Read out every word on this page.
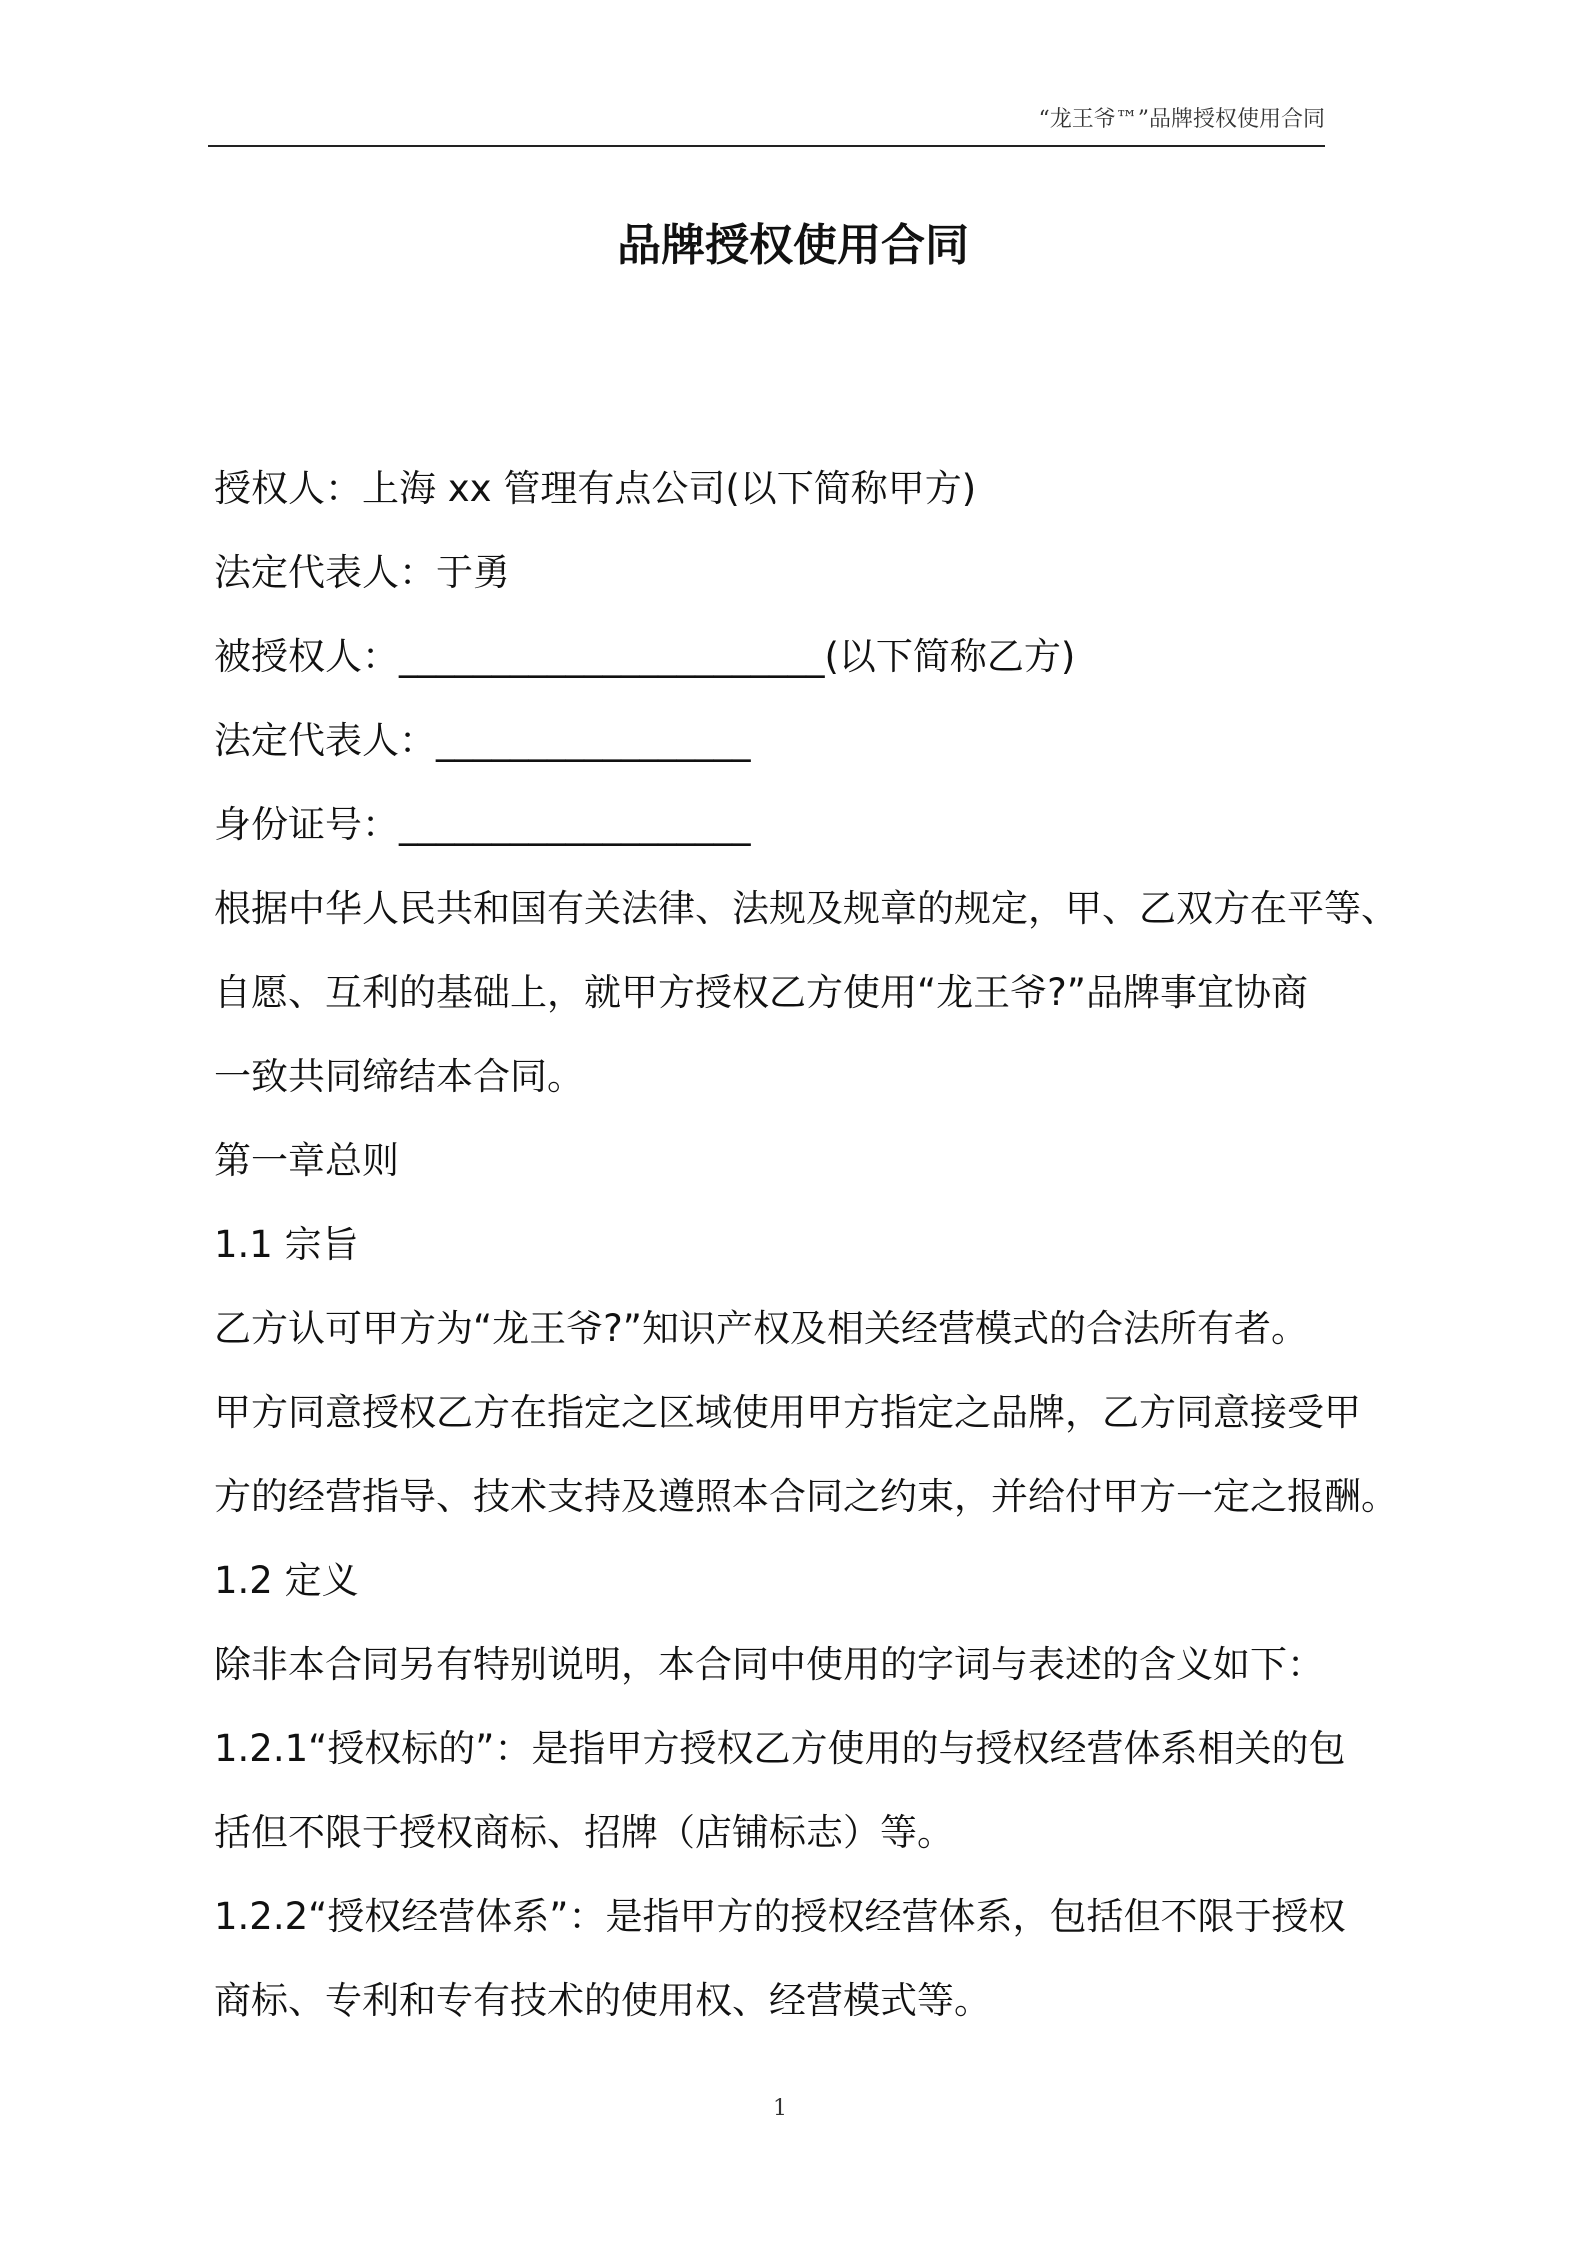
“龙王爷™”品牌授权使用合同
品牌授权使用合同
授权人：上海 xx 管理有点公司(以下简称甲方)
法定代表人：于勇
被授权人：_______________________(以下简称乙方)
法定代表人：_________________
身份证号：___________________
根据中华人民共和国有关法律、法规及规章的规定，甲、乙双方在平等、
自愿、互利的基础上，就甲方授权乙方使用“龙王爷?”品牌事宜协商
一致共同缔结本合同。
第一章总则
1.1 宗旨
乙方认可甲方为“龙王爷?”知识产权及相关经营模式的合法所有者。
甲方同意授权乙方在指定之区域使用甲方指定之品牌，乙方同意接受甲
方的经营指导、技术支持及遵照本合同之约束，并给付甲方一定之报酬。
1.2 定义
除非本合同另有特别说明，本合同中使用的字词与表述的含义如下：
1.2.1“授权标的”：是指甲方授权乙方使用的与授权经营体系相关的包
括但不限于授权商标、招牌（店铺标志）等。
1.2.2“授权经营体系”：是指甲方的授权经营体系，包括但不限于授权
商标、专利和专有技术的使用权、经营模式等。
1
